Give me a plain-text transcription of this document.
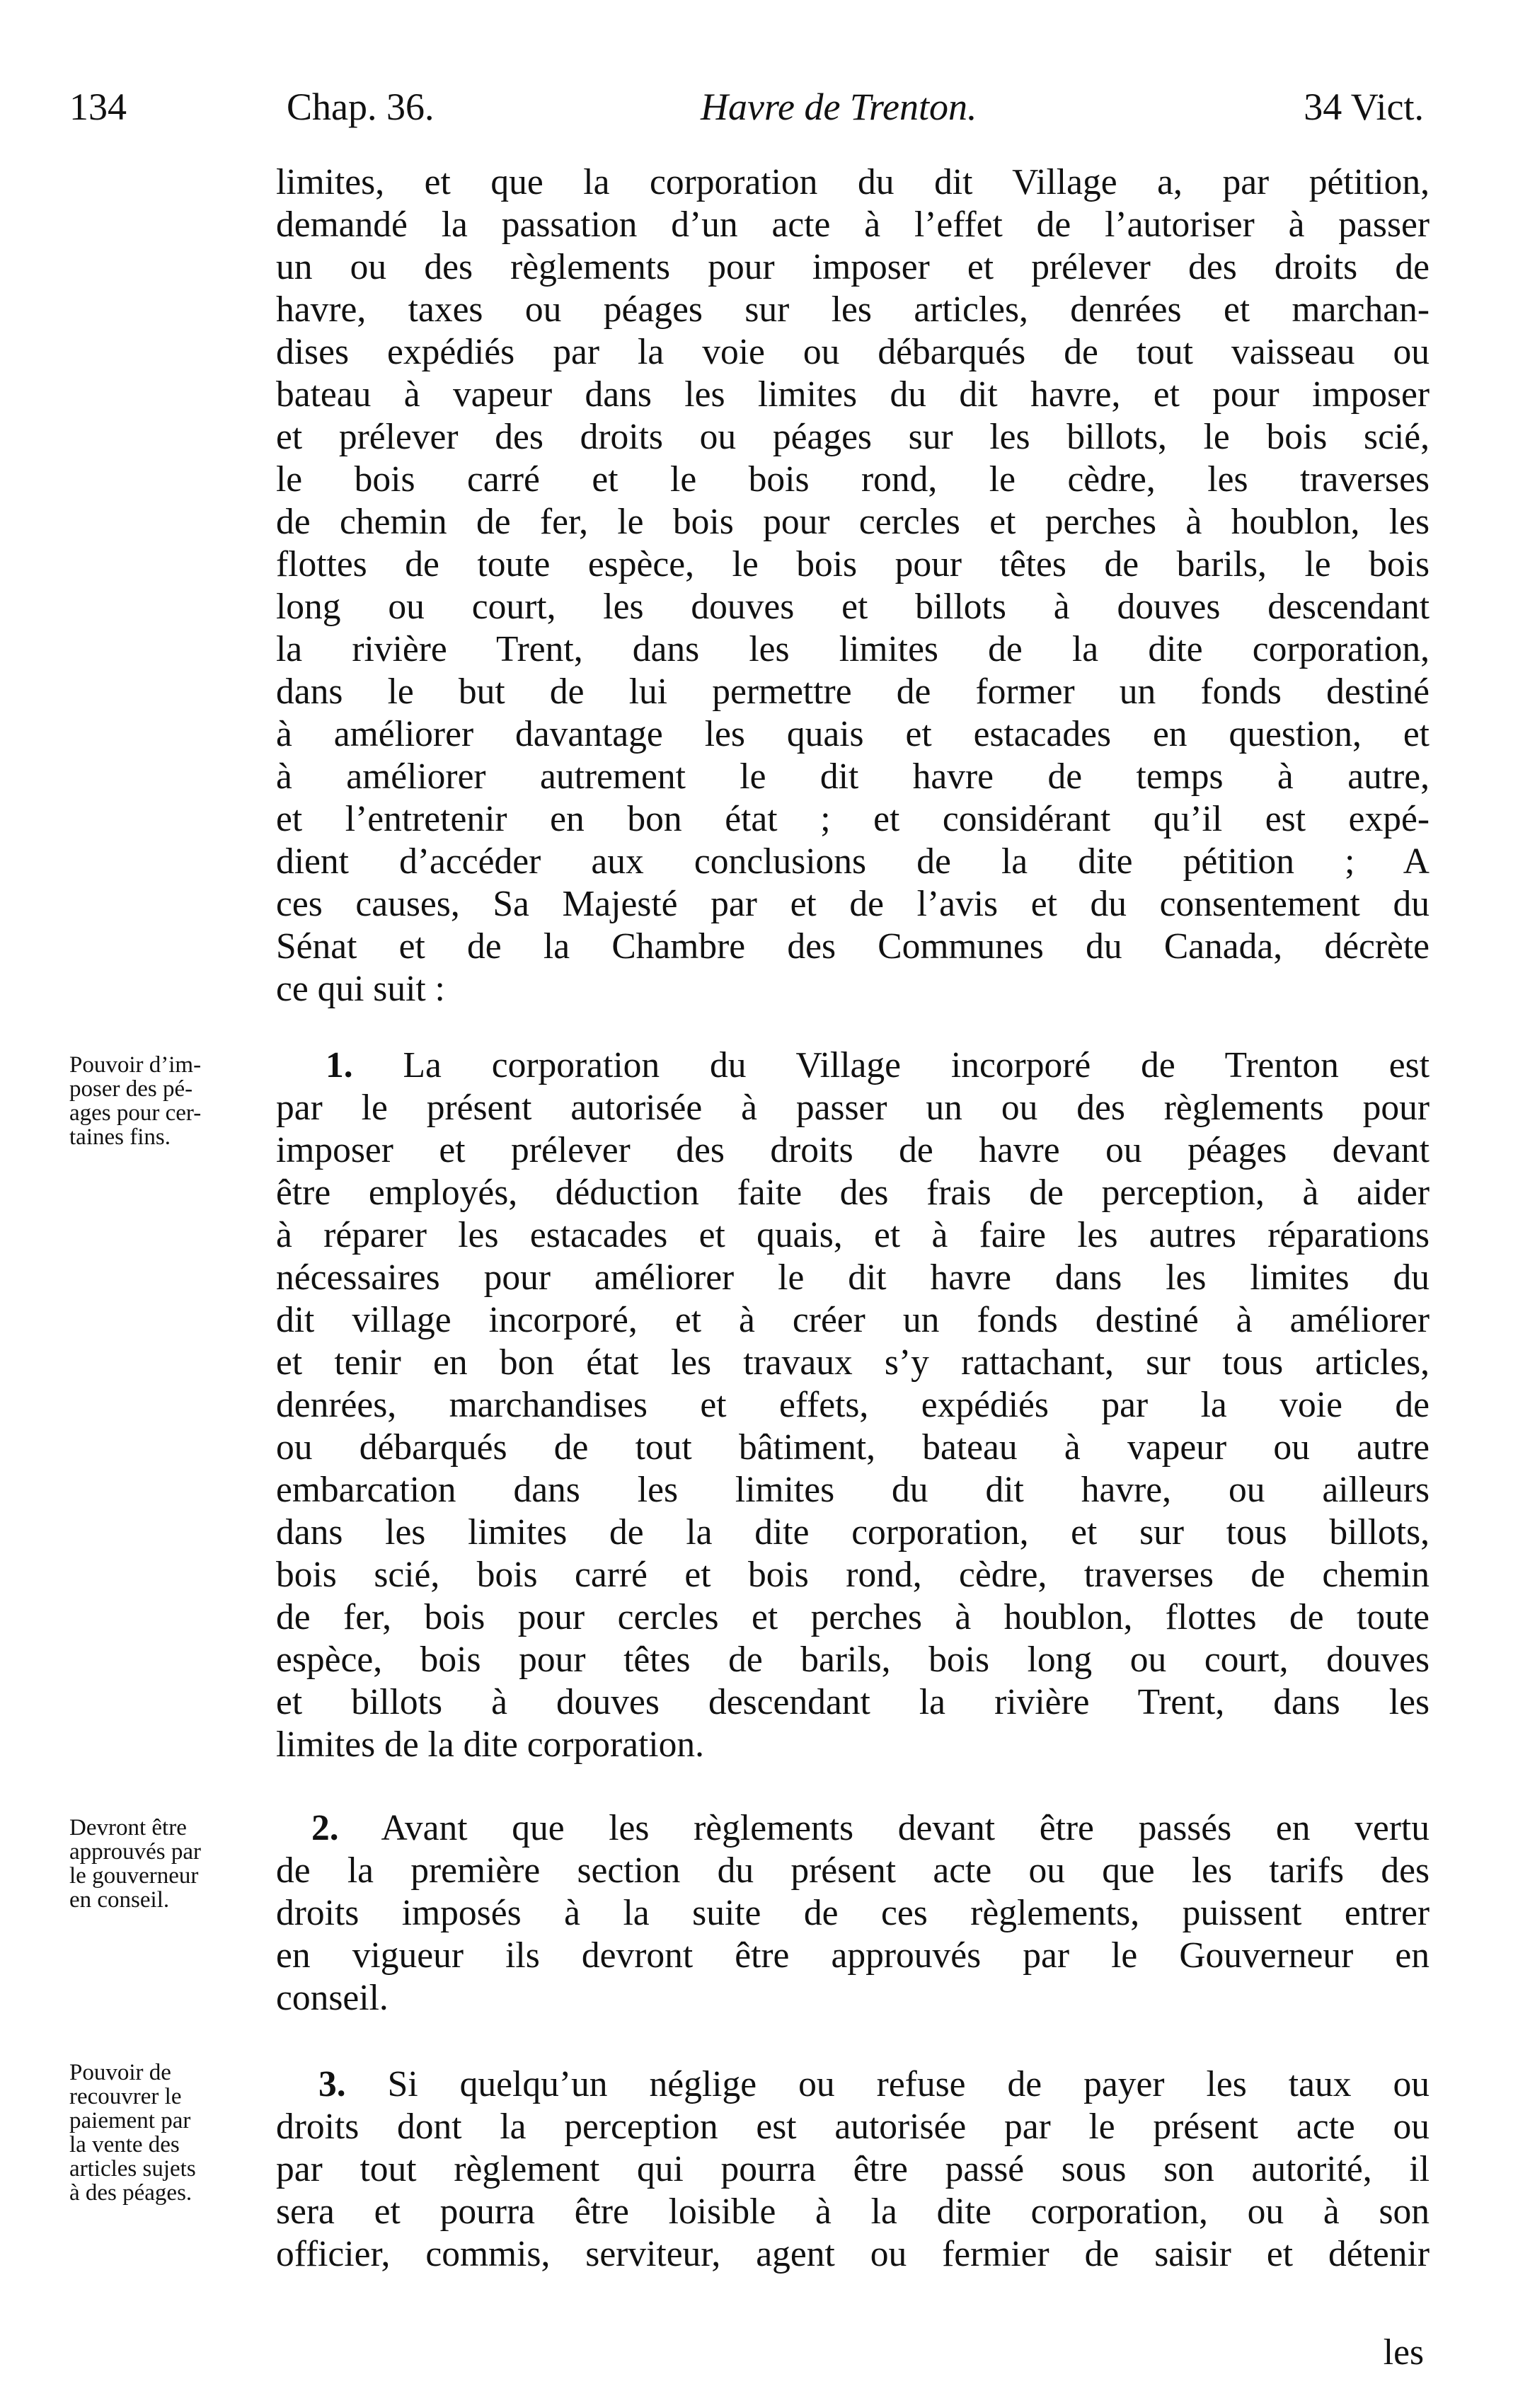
134	Chap. 36.	Havre de Trenton.	34 Vict.
limites, et que la corporation du dit Village a, par pétition,
demandé la passation d’un acte à l’effet de l’autoriser à passer
un ou des règlements pour imposer et prélever des droits de
havre, taxes ou péages sur les articles, denrées et marchan-
dises expédiés par la voie ou débarqués de tout vaisseau ou
bateau à vapeur dans les limites du dit havre, et pour imposer
et prélever des droits ou péages sur les billots, le bois scié,
le bois carré et le bois rond, le cèdre, les traverses
de chemin de fer, le bois pour cercles et perches à houblon, les
flottes de toute espèce, le bois pour têtes de barils, le bois
long ou court, les douves et billots à douves descendant
la rivière Trent, dans les limites de la dite corporation,
dans le but de lui permettre de former un fonds destiné
à améliorer davantage les quais et estacades en question, et
à améliorer autrement le dit havre de temps à autre,
et l’entretenir en bon état ; et considérant qu’il est expé-
dient d’accéder aux conclusions de la dite pétition ; A
ces causes, Sa Majesté par et de l’avis et du consentement du
Sénat et de la Chambre des Communes du Canada, décrète
ce qui suit :
Pouvoir d’im-
poser des pé-
ages pour cer-
taines fins.
1. La corporation du Village incorporé de Trenton est
par le présent autorisée à passer un ou des règlements pour
imposer et prélever des droits de havre ou péages devant
être employés, déduction faite des frais de perception, à aider
à réparer les estacades et quais, et à faire les autres réparations
nécessaires pour améliorer le dit havre dans les limites du
dit village incorporé, et à créer un fonds destiné à améliorer
et tenir en bon état les travaux s’y rattachant, sur tous articles,
denrées, marchandises et effets, expédiés par la voie de
ou débarqués de tout bâtiment, bateau à vapeur ou autre
embarcation dans les limites du dit havre, ou ailleurs
dans les limites de la dite corporation, et sur tous billots,
bois scié, bois carré et bois rond, cèdre, traverses de chemin
de fer, bois pour cercles et perches à houblon, flottes de toute
espèce, bois pour têtes de barils, bois long ou court, douves
et billots à douves descendant la rivière Trent, dans les
limites de la dite corporation.
Devront être
approuvés par
le gouverneur
en conseil.
2. Avant que les règlements devant être passés en vertu
de la première section du présent acte ou que les tarifs des
droits imposés à la suite de ces règlements, puissent entrer
en vigueur ils devront être approuvés par le Gouverneur en
conseil.
Pouvoir de
recouvrer le
paiement par
la vente des
articles sujets
à des péages.
3. Si quelqu’un néglige ou refuse de payer les taux ou
droits dont la perception est autorisée par le présent acte ou
par tout règlement qui pourra être passé sous son autorité, il
sera et pourra être loisible à la dite corporation, ou à son
officier, commis, serviteur, agent ou fermier de saisir et détenir
les
